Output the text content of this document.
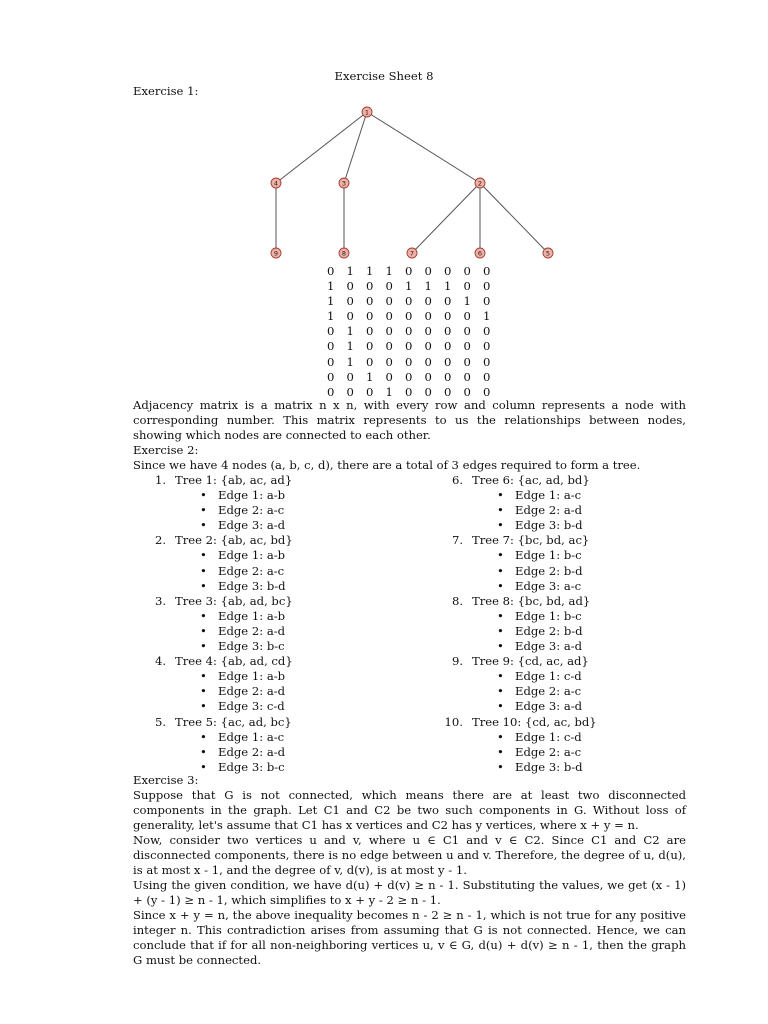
Exercise Sheet 8
Exercise 1:
1
4	3	2
9	8	7	6	5
0	1	1	1	0	0	0	0	0
1	0	0	0	1	1	1	0	0
1	0	0	0	0	0	0	1	0
1	0	0	0	0	0	0	0	1
0	1	0	0	0	0	0	0	0
0	1	0	0	0	0	0	0	0
0	1	0	0	0	0	0	0	0
0	0	1	0	0	0	0	0	0
0	0	0	1	0	0	0	0	0
Adjacency matrix is a matrix n x n, with every row and column represents a node with corresponding number. This matrix represents to us the relationships between nodes, showing which nodes are connected to each other.
Exercise 2:
Since we have 4 nodes (a, b, c, d), there are a total of 3 edges required to form a tree.
1. Tree 1: {ab, ac, ad}
• Edge 1: a-b
• Edge 2: a-c
• Edge 3: a-d
2. Tree 2: {ab, ac, bd}
• Edge 1: a-b
• Edge 2: a-c
• Edge 3: b-d
3. Tree 3: {ab, ad, bc}
• Edge 1: a-b
• Edge 2: a-d
• Edge 3: b-c
4. Tree 4: {ab, ad, cd}
• Edge 1: a-b
• Edge 2: a-d
• Edge 3: c-d
5. Tree 5: {ac, ad, bc}
• Edge 1: a-c
• Edge 2: a-d
• Edge 3: b-c
6. Tree 6: {ac, ad, bd}
• Edge 1: a-c
• Edge 2: a-d
• Edge 3: b-d
7. Tree 7: {bc, bd, ac}
• Edge 1: b-c
• Edge 2: b-d
• Edge 3: a-c
8. Tree 8: {bc, bd, ad}
• Edge 1: b-c
• Edge 2: b-d
• Edge 3: a-d
9. Tree 9: {cd, ac, ad}
• Edge 1: c-d
• Edge 2: a-c
• Edge 3: a-d
10. Tree 10: {cd, ac, bd}
• Edge 1: c-d
• Edge 2: a-c
• Edge 3: b-d
Exercise 3:
Suppose that G is not connected, which means there are at least two disconnected components in the graph. Let C1 and C2 be two such components in G. Without loss of generality, let's assume that C1 has x vertices and C2 has y vertices, where x + y = n.
Now, consider two vertices u and v, where u ∈ C1 and v ∈ C2. Since C1 and C2 are disconnected components, there is no edge between u and v. Therefore, the degree of u, d(u), is at most x - 1, and the degree of v, d(v), is at most y - 1.
Using the given condition, we have d(u) + d(v) ≥ n - 1. Substituting the values, we get (x - 1) + (y - 1) ≥ n - 1, which simplifies to x + y - 2 ≥ n - 1.
Since x + y = n, the above inequality becomes n - 2 ≥ n - 1, which is not true for any positive integer n. This contradiction arises from assuming that G is not connected. Hence, we can conclude that if for all non-neighboring vertices u, v ∈ G, d(u) + d(v) ≥ n - 1, then the graph G must be connected.
